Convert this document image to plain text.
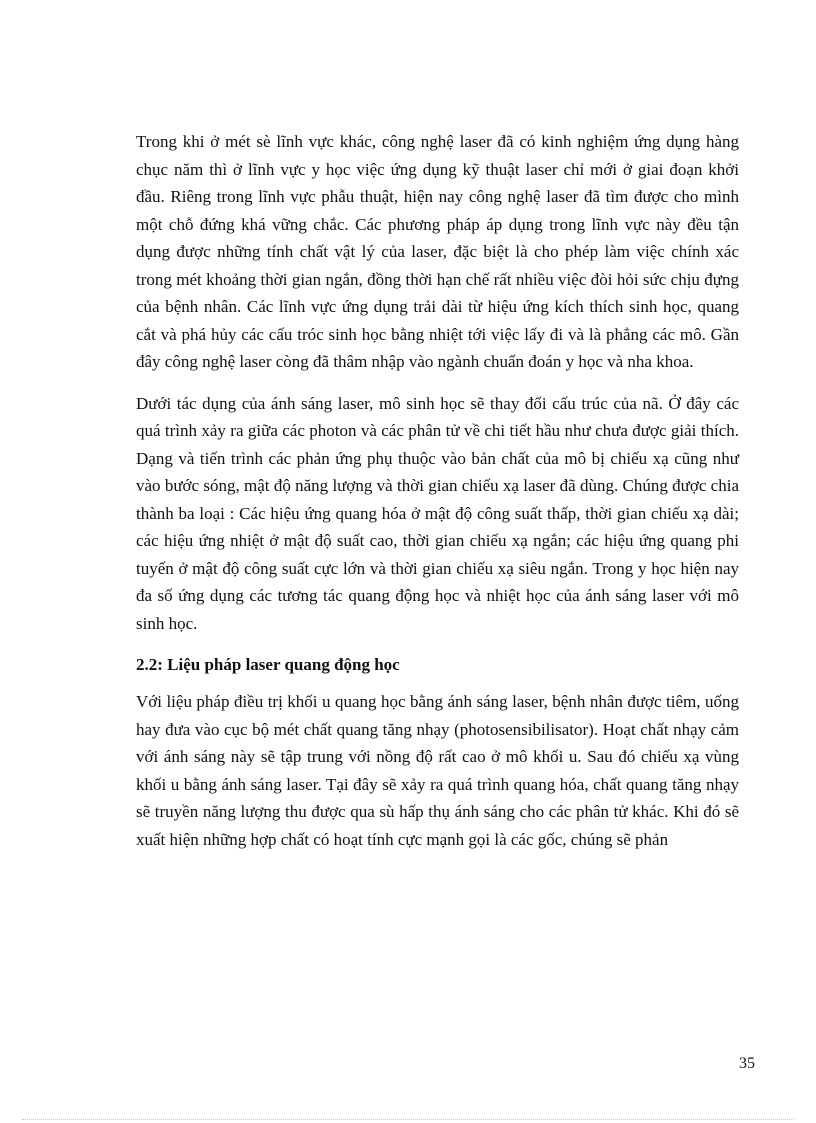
Trong khi ở mét sè lĩnh vực khác, công nghệ laser đã có kinh nghiệm ứng dụng hàng chục năm thì ở lĩnh vực y học việc ứng dụng kỹ thuật laser chỉ mới ở giai đoạn khởi đầu. Riêng trong lĩnh vực phẫu thuật, hiện nay công nghệ laser đã tìm được cho mình một chỗ đứng khá vững chắc. Các phương pháp áp dụng trong lĩnh vực này đều tận dụng được những tính chất vật lý của laser, đặc biệt là cho phép làm việc chính xác trong mét khoảng thời gian ngắn, đồng thời hạn chế rất nhiều việc đòi hỏi sức chịu đựng của bệnh nhân. Các lĩnh vực ứng dụng trải dài từ hiệu ứng kích thích sinh học, quang cắt và phá hủy các cấu tróc sinh học bằng nhiệt tới việc lấy đi và là phẳng các mô. Gần đây công nghệ laser còng đã thâm nhập vào ngành chuẩn đoán y học và nha khoa.

Dưới tác dụng của ánh sáng laser, mô sinh học sẽ thay đổi cấu trúc của nã. Ở đây các quá trình xảy ra giữa các photon và các phân tử về chi tiết hầu như chưa được giải thích. Dạng và tiến trình các phản ứng phụ thuộc vào bản chất của mô bị chiếu xạ cũng như vào bước sóng, mật độ năng lượng và thời gian chiếu xạ laser đã dùng. Chúng được chia thành ba loại : Các hiệu ứng quang hóa ở mật độ công suất thấp, thời gian chiếu xạ dài; các hiệu ứng nhiệt ở mật độ suất cao, thời gian chiếu xạ ngắn; các hiệu ứng quang phi tuyến ở mật độ công suất cực lớn và thời gian chiếu xạ siêu ngắn. Trong y học hiện nay đa số ứng dụng các tương tác quang động học và nhiệt học của ánh sáng laser với mô sinh học.

2.2: Liệu pháp laser quang động học

Với liệu pháp điều trị khối u quang học bằng ánh sáng laser, bệnh nhân được tiêm, uống hay đưa vào cục bộ mét chất quang tăng nhạy (photosensibilisator). Hoạt chất nhạy cảm với ánh sáng này sẽ tập trung với nồng độ rất cao ở mô khối u. Sau đó chiếu xạ vùng khối u bằng ánh sáng laser. Tại đây sẽ xảy ra quá trình quang hóa, chất quang tăng nhạy sẽ truyền năng lượng thu được qua sù hấp thụ ánh sáng cho các phân tử khác. Khi đó sẽ xuất hiện những hợp chất có hoạt tính cực mạnh gọi là các gốc, chúng sẽ phản

35
